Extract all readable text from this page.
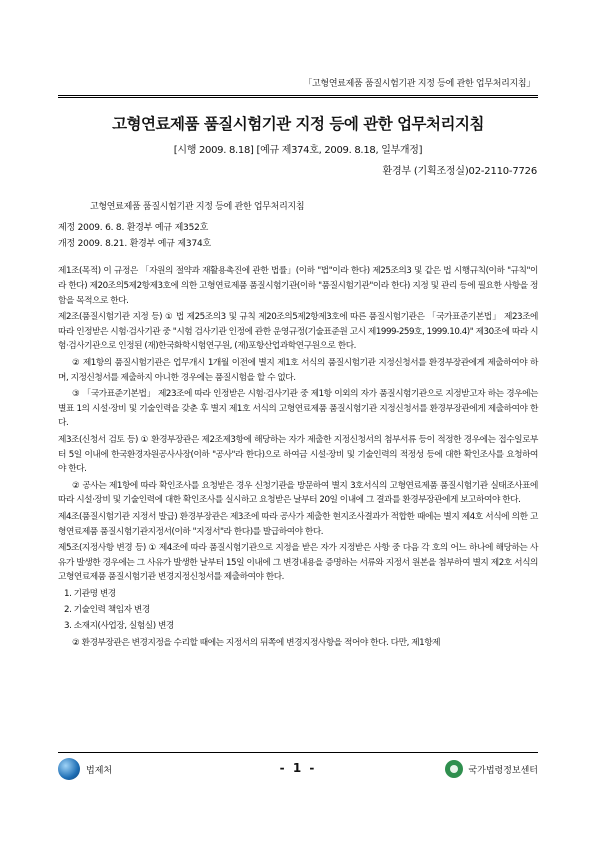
「고형연료제품 품질시험기관 지정 등에 관한 업무처리지침」
고형연료제품 품질시험기관 지정 등에 관한 업무처리지침
[시행 2009. 8.18] [예규 제374호, 2009. 8.18, 일부개정]
환경부 (기획조정실)02-2110-7726
고형연료제품 품질시험기관 지정 등에 관한 업무처리지침
제정 2009. 6. 8. 환경부 예규 제352호
개정 2009. 8.21. 환경부 예규 제374호

제1조(목적) 이 규정은 「자원의 절약과 재활용촉진에 관한 법률」(이하 "법"이라 한다) 제25조의3 및 같은 법 시행규칙(이하 "규칙"이라 한다) 제20조의5제2항제3호에 의한 고형연료제품 품질시험기관(이하 "품질시험기관"이라 한다) 지정 및 관리 등에 필요한 사항을 정함을 목적으로 한다.

제2조(품질시험기관 지정 등) ① 법 제25조의3 및 규칙 제20조의5제2항제3호에 따른 품질시험기관은 「국가표준기본법」 제23조에 따라 인정받은 시험·검사기관 중 "시험 검사기관 인정에 관한 운영규정(기술표준원 고시 제1999-259호, 1999.10.4)" 제30조에 따라 시험·검사기관으로 인정된 (재)한국화학시험연구원, (재)포항산업과학연구원으로 한다.

② 제1항의 품질시험기관은 업무개시 1개월 이전에 별지 제1호 서식의 품질시험기관 지정신청서를 환경부장관에게 제출하여야 하며, 지정신청서를 제출하지 아니한 경우에는 품질시험을 할 수 없다.

③ 「국가표준기본법」 제23조에 따라 인정받은 시험·검사기관 중 제1항 이외의 자가 품질시험기관으로 지정받고자 하는 경우에는 별표 1의 시설·장비 및 기술인력을 갖춘 후 별지 제1호 서식의 고형연료제품 품질시험기관 지정신청서를 환경부장관에게 제출하여야 한다.

제3조(신청서 검토 등) ① 환경부장관은 제2조제3항에 해당하는 자가 제출한 지정신청서의 첨부서류 등이 적정한 경우에는 접수일로부터 5일 이내에 한국환경자원공사사장(이하 "공사"라 한다)으로 하여금 시설·장비 및 기술인력의 적정성 등에 대한 확인조사를 요청하여야 한다.

② 공사는 제1항에 따라 확인조사를 요청받은 경우 신청기관을 방문하여 별지 3호서식의 고형연료제품 품질시험기관 실태조사표에 따라 시설·장비 및 기술인력에 대한 확인조사를 실시하고 요청받은 날부터 20일 이내에 그 결과를 환경부장관에게 보고하여야 한다.

제4조(품질시험기관 지정서 발급) 환경부장관은 제3조에 따라 공사가 제출한 현지조사결과가 적합한 때에는 별지 제4호 서식에 의한 고형연료제품 품질시험기관지정서(이하 "지정서"라 한다)를 발급하여야 한다.

제5조(지정사항 변경 등) ① 제4조에 따라 품질시험기관으로 지정을 받은 자가 지정받은 사항 중 다음 각 호의 어느 하나에 해당하는 사유가 발생한 경우에는 그 사유가 발생한 날부터 15일 이내에 그 변경내용을 증명하는 서류와 지정서 원본을 첨부하여 별지 제2호 서식의 고형연료제품 품질시험기관 변경지정신청서를 제출하여야 한다.

1. 기관명 변경

2. 기술인력 책임자 변경

3. 소재지(사업장, 실험실) 변경

② 환경부장관은 변경지정을 수리할 때에는 지정서의 뒤쪽에 변경지정사항을 적어야 한다. 다만, 제1항제

법제처	- 1 -	국가법령정보센터
